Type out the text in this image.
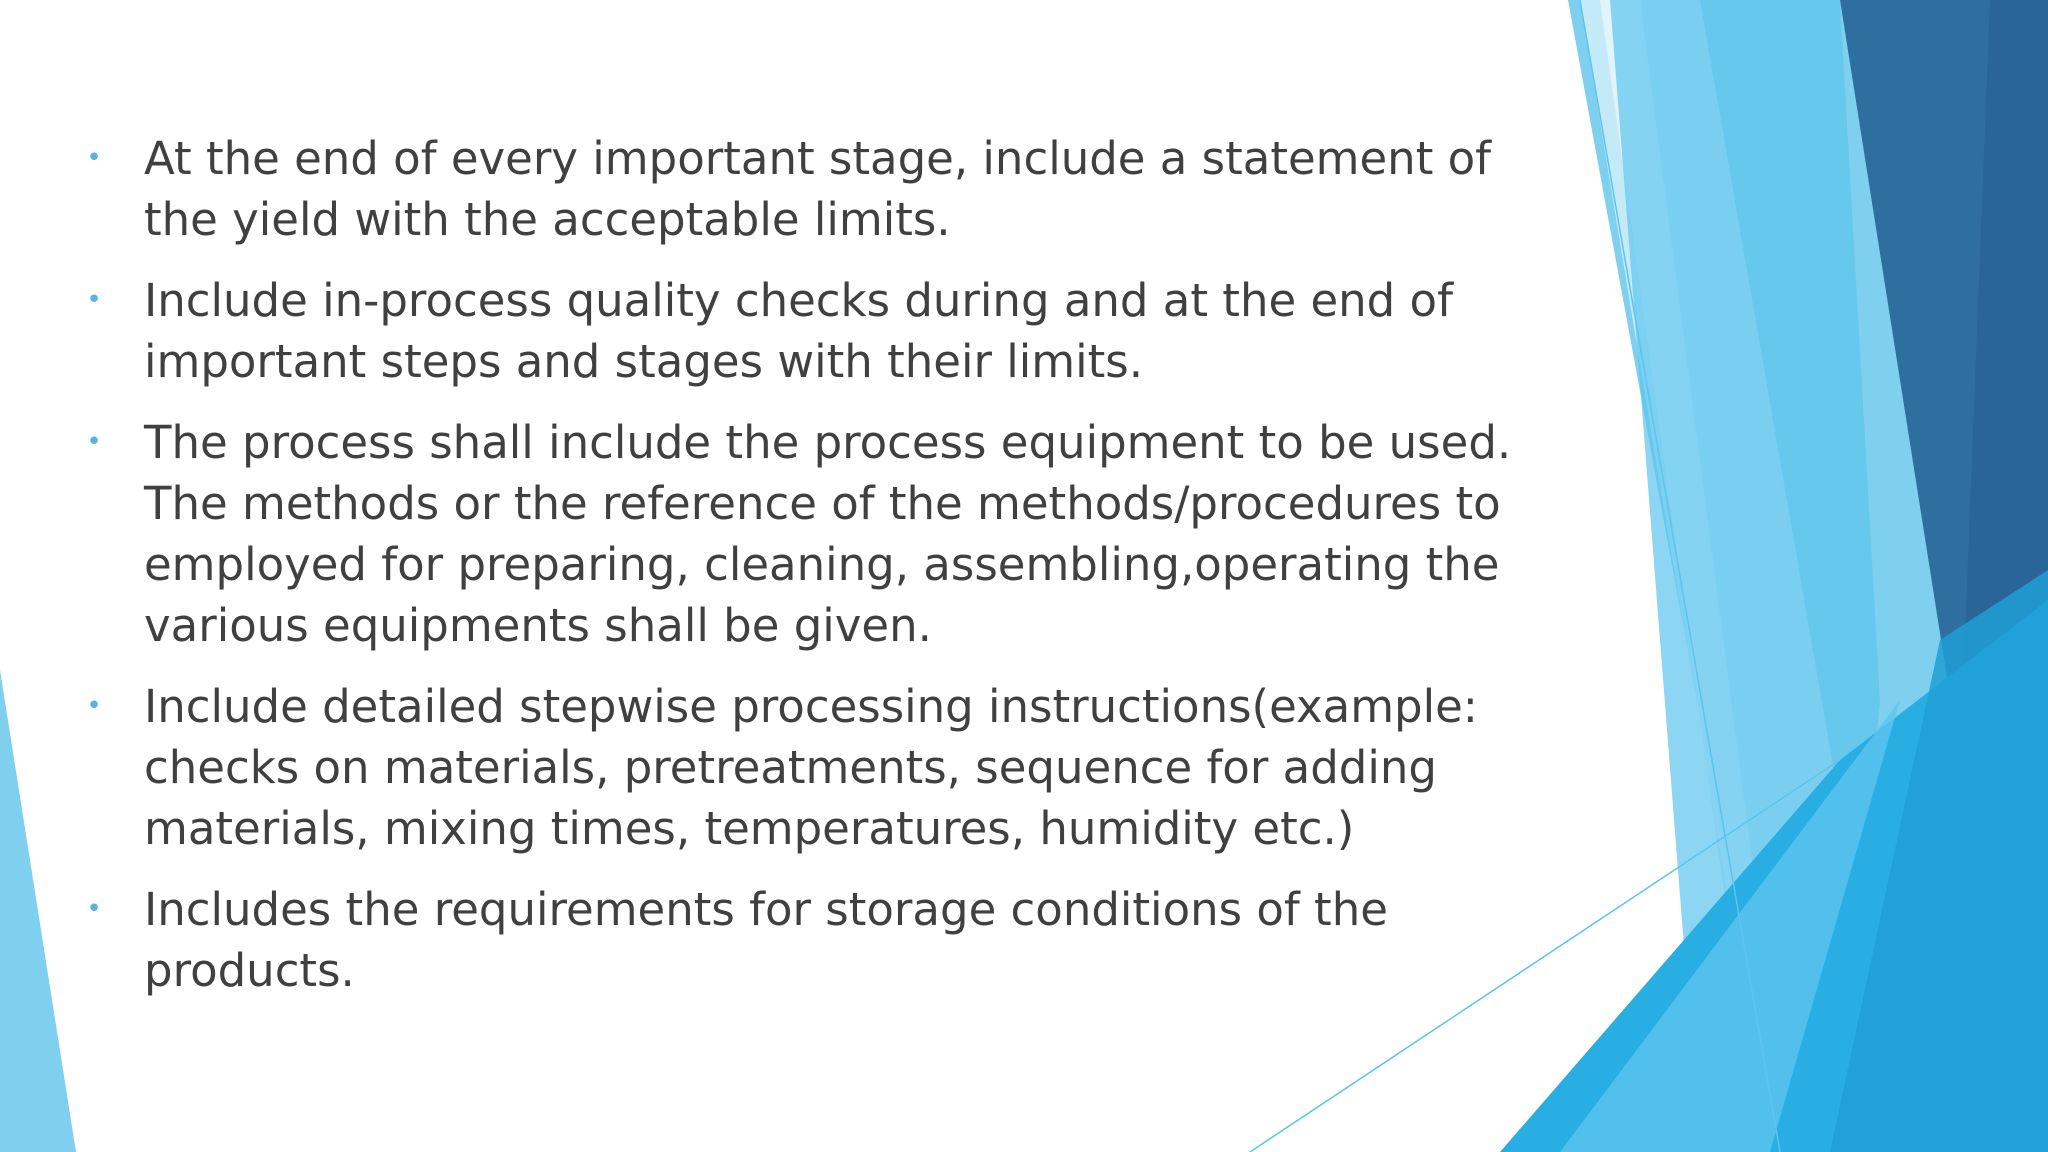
• At the end of every important stage, include a statement of the yield with the acceptable limits.
• Include in-process quality checks during and at the end of important steps and stages with their limits.
• The process shall include the process equipment to be used. The methods or the reference of the methods/procedures to employed for preparing, cleaning, assembling,operating the various equipments shall be given.
• Include detailed stepwise processing instructions(example: checks on materials, pretreatments, sequence for adding materials, mixing times, temperatures, humidity etc.)
• Includes the requirements for storage conditions of the products.
